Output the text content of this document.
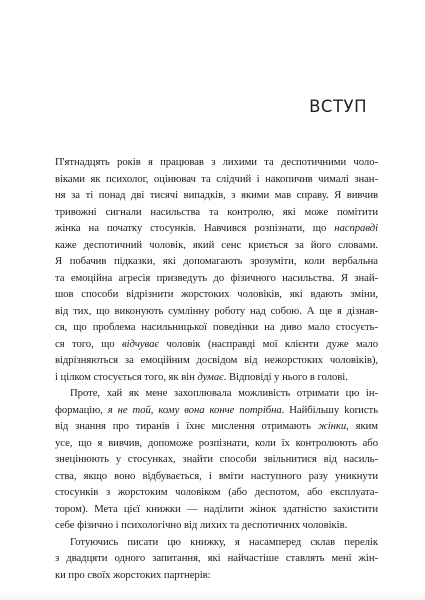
ВСТУП

П'ятнадцять років я працював з лихими та деспотичними чоло-
віками як психолог, оцінювач та слідчий і накопичив чималі знан-
ня за ті понад дві тисячі випадків, з якими мав справу. Я вивчив
тривожні сигнали насильства та контролю, які може помітити
жінка на початку стосунків. Навчився розпізнати, що насправді
каже деспотичний чоловік, який сенс криється за його словами.
Я побачив підказки, які допомагають зрозуміти, коли вербальна
та емоційна агресія призведуть до фізичного насильства. Я знай-
шов способи відрізнити жорстоких чоловіків, які вдають зміни,
від тих, що виконують сумлінну роботу над собою. А ще я дізнав-
ся, що проблема насильницької поведінки на диво мало стосуєть-
ся того, що відчуває чоловік (насправді мої клієнти дуже мало
відрізняються за емоційним досвідом від нежорстоких чоловіків),
і цілком стосується того, як він думає. Відповіді у нього в голові.

Проте, хай як мене захоплювала можливість отримати цю ін-
формацію, я не той, кому вона конче потрібна. Найбільшу korисть
від знання про тиранів і їхнє мислення отримають жінки, яким
усе, що я вивчив, допоможе розпізнати, коли їх контролюють або
знецінюють у стосунках, знайти способи звільнитися від насиль-
ства, якщо воно відбувається, і вміти наступного разу уникнути
стосунків з жорстоким чоловіком (або деспотом, або експлуата-
тором). Мета цієї книжки — наділити жінок здатністю захистити
себе фізично і психологічно від лихих та деспотичних чоловіків.

Готуючись писати цю книжку, я насамперед склав перелік
з двадцяти одного запитання, які найчастіше ставлять мені жін-
ки про своїх жорстоких партнерів:
